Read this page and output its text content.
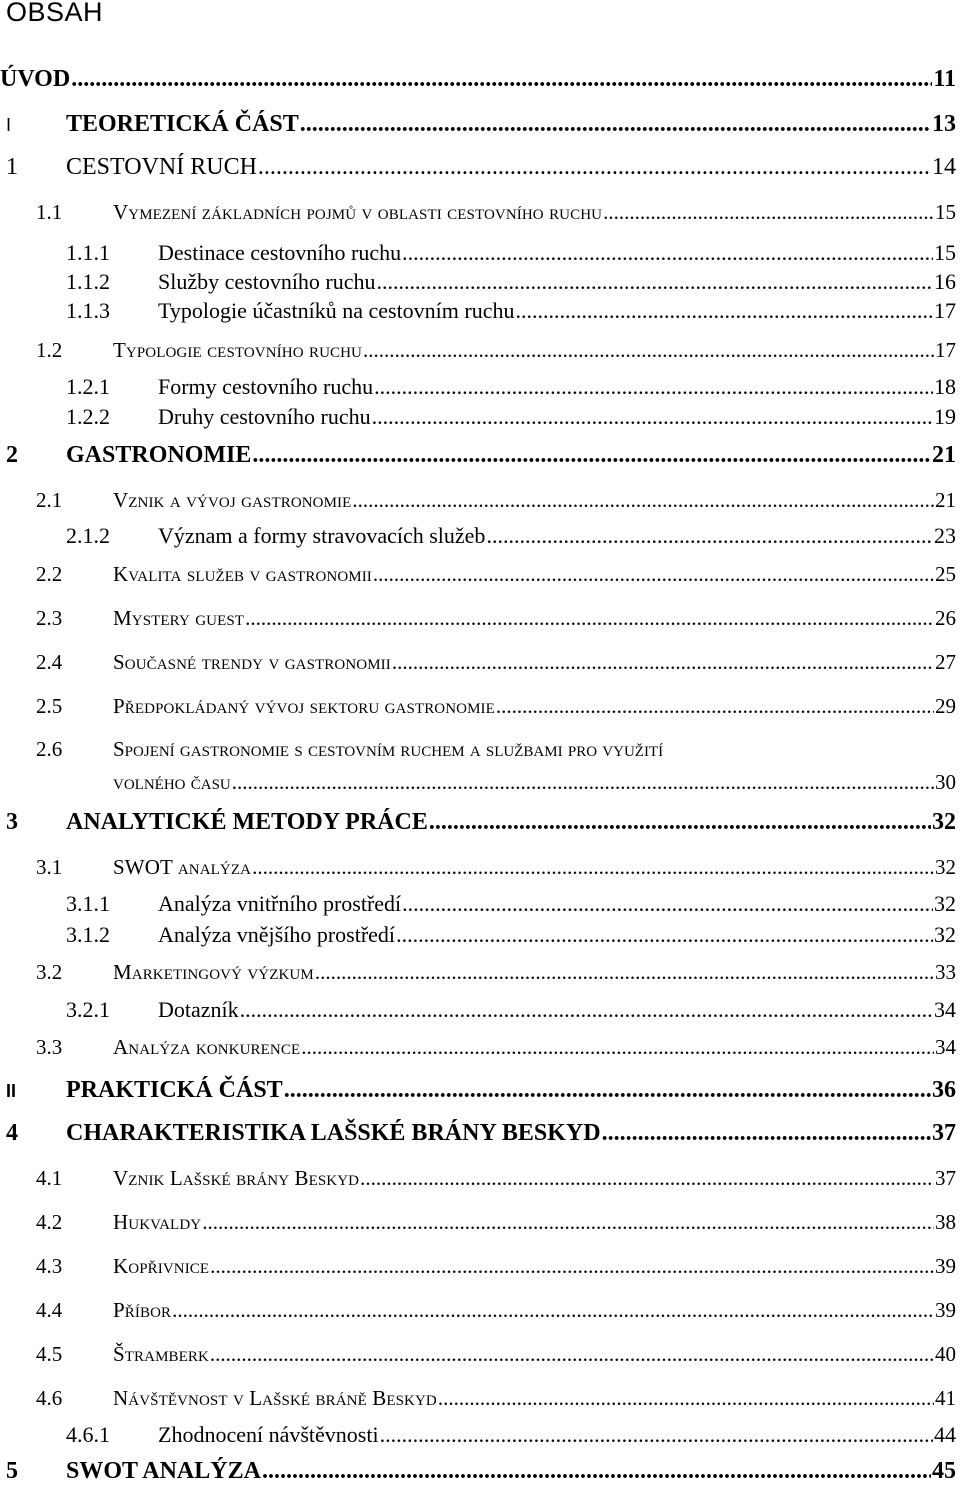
OBSAH
ÚVOD .....	11
I	TEORETICKÁ ČÁST .....	13
1	CESTOVNÍ RUCH .....	14
1.1	Vymezení základních pojmů v oblasti cestovního ruchu .....	15
1.1.1	Destinace cestovního ruchu .....	15
1.1.2	Služby cestovního ruchu .....	16
1.1.3	Typologie účastníků na cestovním ruchu .....	17
1.2	Typologie cestovního ruchu .....	17
1.2.1	Formy cestovního ruchu .....	18
1.2.2	Druhy cestovního ruchu .....	19
2	GASTRONOMIE .....	21
2.1	Vznik a vývoj gastronomie .....	21
2.1.2	Význam a formy stravovacích služeb .....	23
2.2	Kvalita služeb v gastronomii .....	25
2.3	Mystery guest .....	26
2.4	Současné trendy v gastronomii .....	27
2.5	Předpokládaný vývoj sektoru gastronomie .....	29
2.6	Spojení gastronomie s cestovním ruchem a službami pro využití
volného času .....	30
3	ANALYTICKÉ METODY PRÁCE .....	32
3.1	SWOT analýza .....	32
3.1.1	Analýza vnitřního prostředí .....	32
3.1.2	Analýza vnějšího prostředí .....	32
3.2	Marketingový výzkum .....	33
3.2.1	Dotazník .....	34
3.3	Analýza konkurence .....	34
II	PRAKTICKÁ ČÁST .....	36
4	CHARAKTERISTIKA LAŠSKÉ BRÁNY BESKYD .....	37
4.1	Vznik Lašské brány Beskyd .....	37
4.2	Hukvaldy .....	38
4.3	Kopřivnice .....	39
4.4	Příbor .....	39
4.5	Štramberk .....	40
4.6	Návštěvnost v Lašské bráně Beskyd .....	41
4.6.1	Zhodnocení návštěvnosti .....	44
5	SWOT ANALÝZA .....	45
